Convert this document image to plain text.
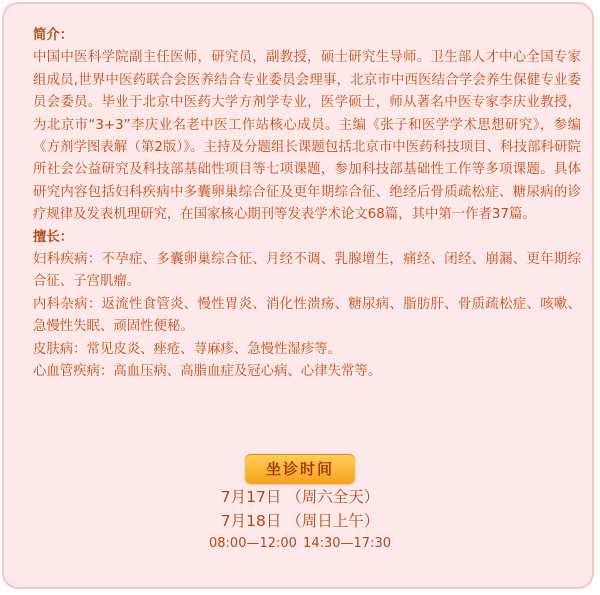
简介：

中国中医科学院副主任医师，研究员，副教授，硕士研究生导师。卫生部人才中心全国专家组成员,世界中医药联合会医养结合专业委员会理事，北京市中西医结合学会养生保健专业委员会委员。毕业于北京中医药大学方剂学专业，医学硕士，师从著名中医专家李庆业教授，为北京市“3+3”李庆业名老中医工作站核心成员。主编《张子和医学学术思想研究》，参编《方剂学图表解（第2版）》。主持及分题组长课题包括北京市中医药科技项目、科技部科研院所社会公益研究及科技部基础性项目等七项课题，参加科技部基础性工作等多项课题。具体研究内容包括妇科疾病中多囊卵巢综合征及更年期综合征、绝经后骨质疏松症、糖尿病的诊疗规律及发表机理研究，在国家核心期刊等发表学术论文68篇，其中第一作者37篇。

擅长：

妇科疾病：不孕症、多囊卵巢综合征、月经不调、乳腺增生，痛经、闭经、崩漏、更年期综合征、子宫肌瘤。

内科杂病：返流性食管炎、慢性胃炎、消化性溃疡、糖尿病、脂肪肝、骨质疏松症、咳嗽、急慢性失眠、顽固性便秘。

皮肤病：常见皮炎、痤疮、荨麻疹、急慢性湿疹等。

心血管疾病：高血压病、高脂血症及冠心病、心律失常等。

坐诊时间
7月17日 （周六全天）
7月18日 （周日上午）
08:00—12:00 14:30—17:30
